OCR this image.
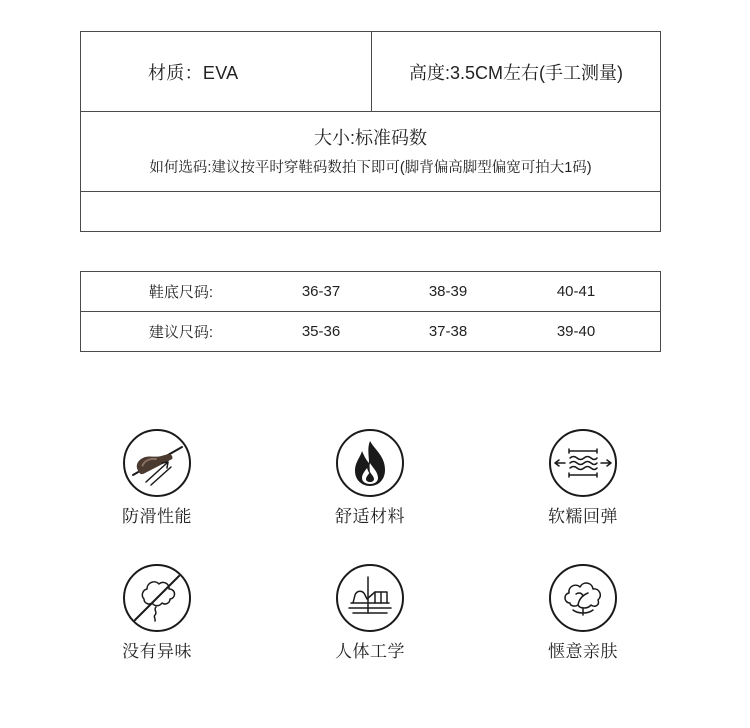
材质：EVA	高度:3.5CM左右(手工测量)
大小:标准码数
如何选码:建议按平时穿鞋码数拍下即可(脚背偏高脚型偏宽可拍大1码)
鞋底尺码:	36-37	38-39	40-41
建议尺码:	35-36	37-38	39-40
防滑性能	舒适材料	软糯回弹
没有异味	人体工学	惬意亲肤
